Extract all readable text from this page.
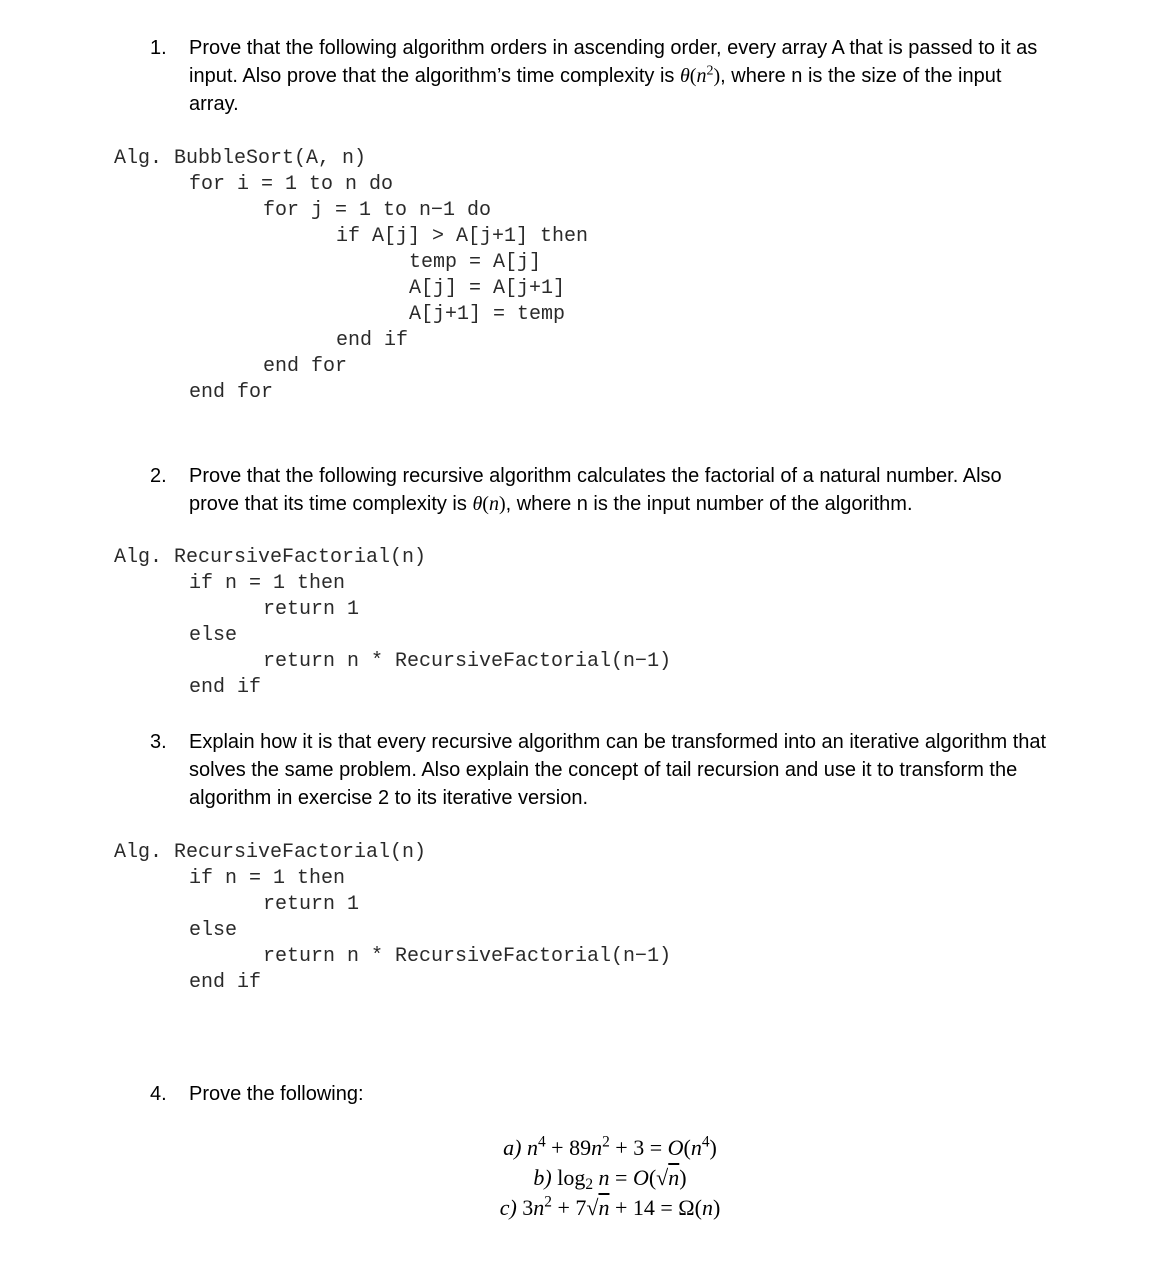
1. Prove that the following algorithm orders in ascending order, every array A that is passed to it as input. Also prove that the algorithm’s time complexity is $\theta(n^2)$, where n is the size of the input array.
Alg. BubbleSort(A, n)
for i = 1 to n do
for j = 1 to n−1 do
if A[j] > A[j+1] then
temp = A[j]
A[j] = A[j+1]
A[j+1] = temp
end if
end for
end for
2. Prove that the following recursive algorithm calculates the factorial of a natural number. Also prove that its time complexity is θ(n), where n is the input number of the algorithm.
Alg. RecursiveFactorial(n)
if n = 1 then
return 1
else
return n * RecursiveFactorial(n−1)
end if
3. Explain how it is that every recursive algorithm can be transformed into an iterative algorithm that solves the same problem. Also explain the concept of tail recursion and use it to transform the algorithm in exercise 2 to its iterative version.
Alg. RecursiveFactorial(n)
if n = 1 then
return 1
else
return n * RecursiveFactorial(n−1)
end if
4. Prove the following:
a) $n^4 + 89n^2 + 3 = O(n^4)$
b) $\log_2 n = O(√n)$
c) $3n^2 + 7√n + 14 = \Omega(n)$
